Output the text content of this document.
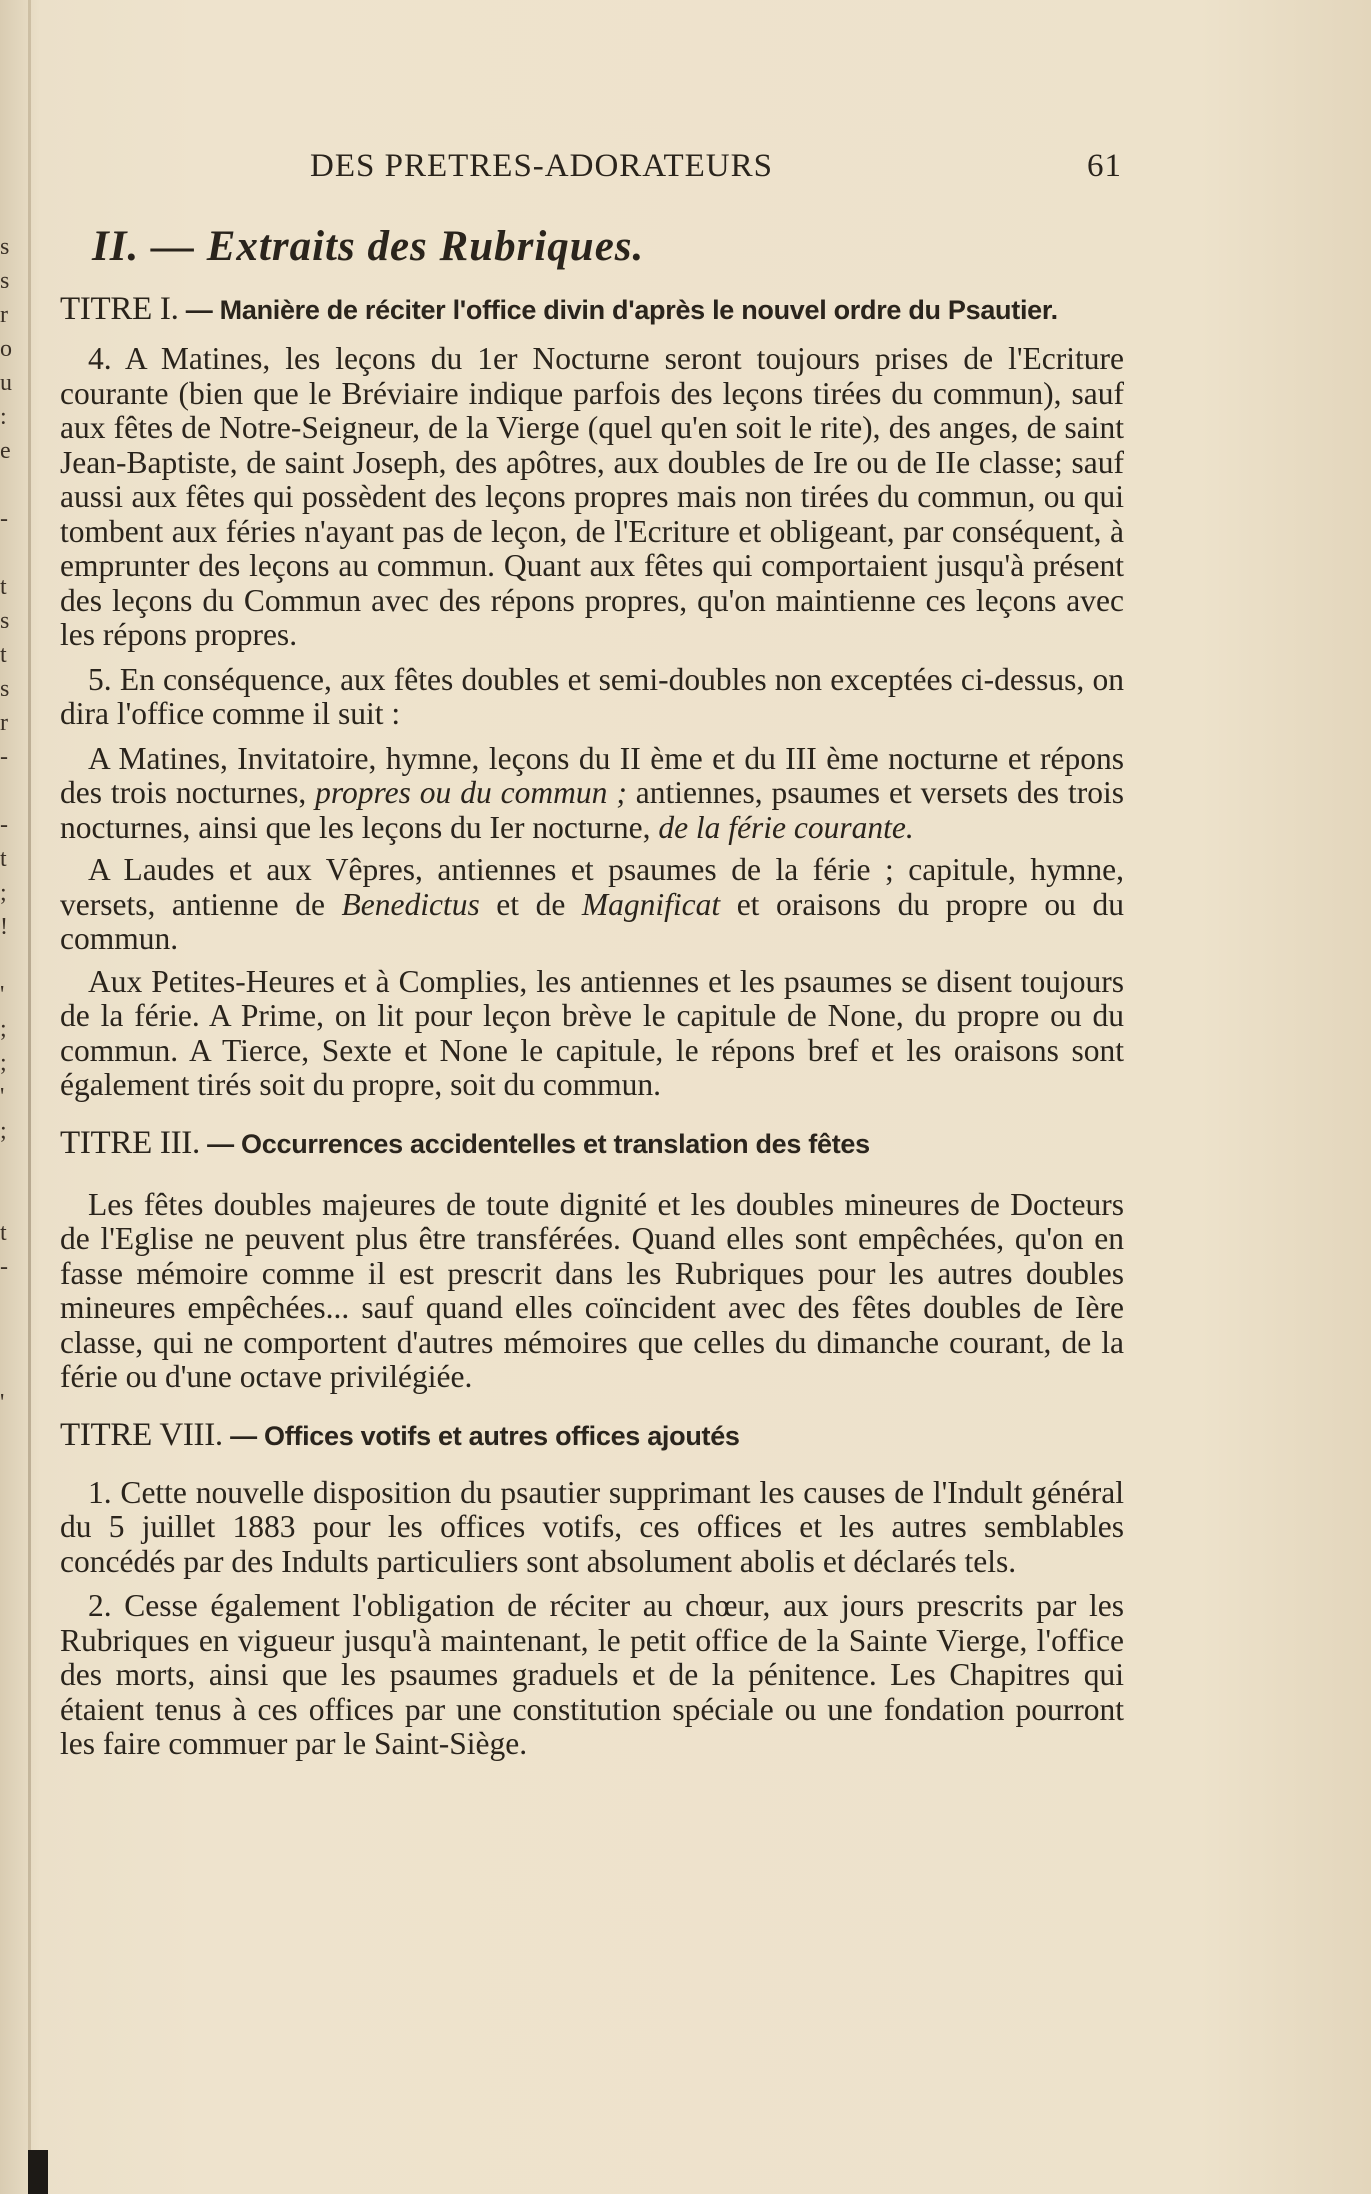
s
s
r
o
u
:
e
-
t
s
t
s
r
-
-
t
;
!
'
;
;
'
;
t
-
'
DES PRETRES-ADORATEURS	61
II. — Extraits des Rubriques.
TITRE I. — Manière de réciter l'office divin d'après le nouvel ordre du Psautier.

4. A Matines, les leçons du 1er Nocturne seront toujours prises de l'Ecriture courante (bien que le Bréviaire indique parfois des leçons tirées du commun), sauf aux fêtes de Notre-Seigneur, de la Vierge (quel qu'en soit le rite), des anges, de saint Jean-Baptiste, de saint Joseph, des apôtres, aux doubles de Ire ou de IIe classe; sauf aussi aux fêtes qui possèdent des leçons propres mais non tirées du commun, ou qui tombent aux féries n'ayant pas de leçon, de l'Ecriture et obligeant, par conséquent, à emprunter des leçons au commun. Quant aux fêtes qui comportaient jusqu'à présent des leçons du Commun avec des répons propres, qu'on maintienne ces leçons avec les répons propres.

5. En conséquence, aux fêtes doubles et semi-doubles non exceptées ci-dessus, on dira l'office comme il suit :

A Matines, Invitatoire, hymne, leçons du II ème et du III ème nocturne et répons des trois nocturnes, propres ou du commun ; antiennes, psaumes et versets des trois nocturnes, ainsi que les leçons du Ier nocturne, de la férie courante.

A Laudes et aux Vêpres, antiennes et psaumes de la férie ; capitule, hymne, versets, antienne de Benedictus et de Magnificat et oraisons du propre ou du commun.

Aux Petites-Heures et à Complies, les antiennes et les psaumes se disent toujours de la férie. A Prime, on lit pour leçon brève le capitule de None, du propre ou du commun. A Tierce, Sexte et None le capitule, le répons bref et les oraisons sont également tirés soit du propre, soit du commun.

TITRE III. — Occurrences accidentelles et translation des fêtes

Les fêtes doubles majeures de toute dignité et les doubles mineures de Docteurs de l'Eglise ne peuvent plus être transférées. Quand elles sont empêchées, qu'on en fasse mémoire comme il est prescrit dans les Rubriques pour les autres doubles mineures empêchées... sauf quand elles coïncident avec des fêtes doubles de Ière classe, qui ne comportent d'autres mémoires que celles du dimanche courant, de la férie ou d'une octave privilégiée.

TITRE VIII. — Offices votifs et autres offices ajoutés

1. Cette nouvelle disposition du psautier supprimant les causes de l'Indult général du 5 juillet 1883 pour les offices votifs, ces offices et les autres semblables concédés par des Indults particuliers sont absolument abolis et déclarés tels.

2. Cesse également l'obligation de réciter au chœur, aux jours prescrits par les Rubriques en vigueur jusqu'à maintenant, le petit office de la Sainte Vierge, l'office des morts, ainsi que les psaumes graduels et de la pénitence. Les Chapitres qui étaient tenus à ces offices par une constitution spéciale ou une fondation pourront les faire commuer par le Saint-Siège.
